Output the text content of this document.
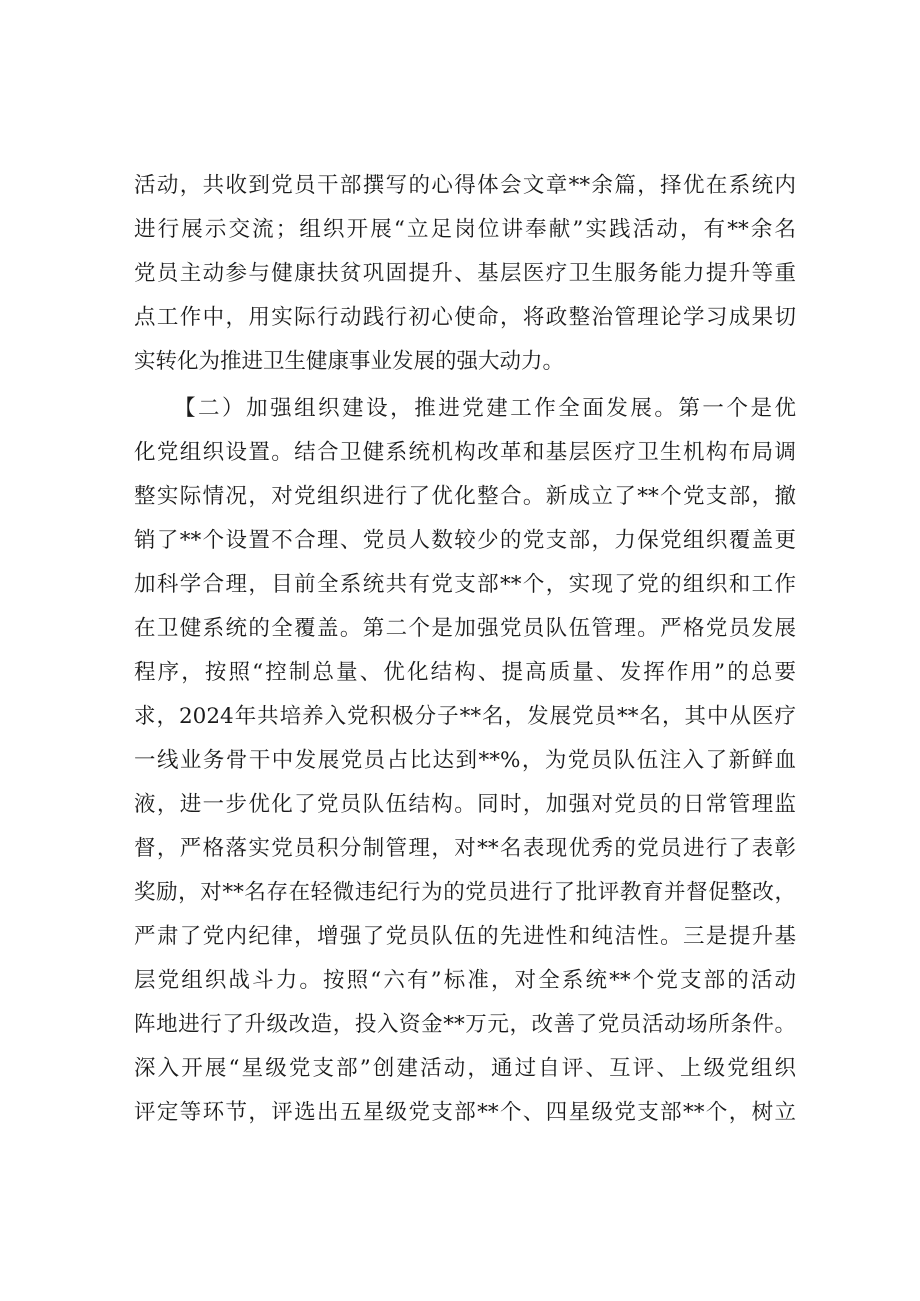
活动，共收到党员干部撰写的心得体会文章**余篇，择优在系统内
进行展示交流；组织开展“立足岗位讲奉献”实践活动，有**余名
党员主动参与健康扶贫巩固提升、基层医疗卫生服务能力提升等重
点工作中，用实际行动践行初心使命，将政整治管理论学习成果切
实转化为推进卫生健康事业发展的强大动力。
【二）加强组织建设，推进党建工作全面发展。第一个是优
化党组织设置。结合卫健系统机构改革和基层医疗卫生机构布局调
整实际情况，对党组织进行了优化整合。新成立了**个党支部，撤
销了**个设置不合理、党员人数较少的党支部，力保党组织覆盖更
加科学合理，目前全系统共有党支部**个，实现了党的组织和工作
在卫健系统的全覆盖。第二个是加强党员队伍管理。严格党员发展
程序，按照“控制总量、优化结构、提高质量、发挥作用”的总要
求，2024年共培养入党积极分子**名，发展党员**名，其中从医疗
一线业务骨干中发展党员占比达到**%，为党员队伍注入了新鲜血
液，进一步优化了党员队伍结构。同时，加强对党员的日常管理监
督，严格落实党员积分制管理，对**名表现优秀的党员进行了表彰
奖励，对**名存在轻微违纪行为的党员进行了批评教育并督促整改，
严肃了党内纪律，增强了党员队伍的先进性和纯洁性。三是提升基
层党组织战斗力。按照“六有”标准，对全系统**个党支部的活动
阵地进行了升级改造，投入资金**万元，改善了党员活动场所条件。
深入开展“星级党支部”创建活动，通过自评、互评、上级党组织
评定等环节，评选出五星级党支部**个、四星级党支部**个，树立
